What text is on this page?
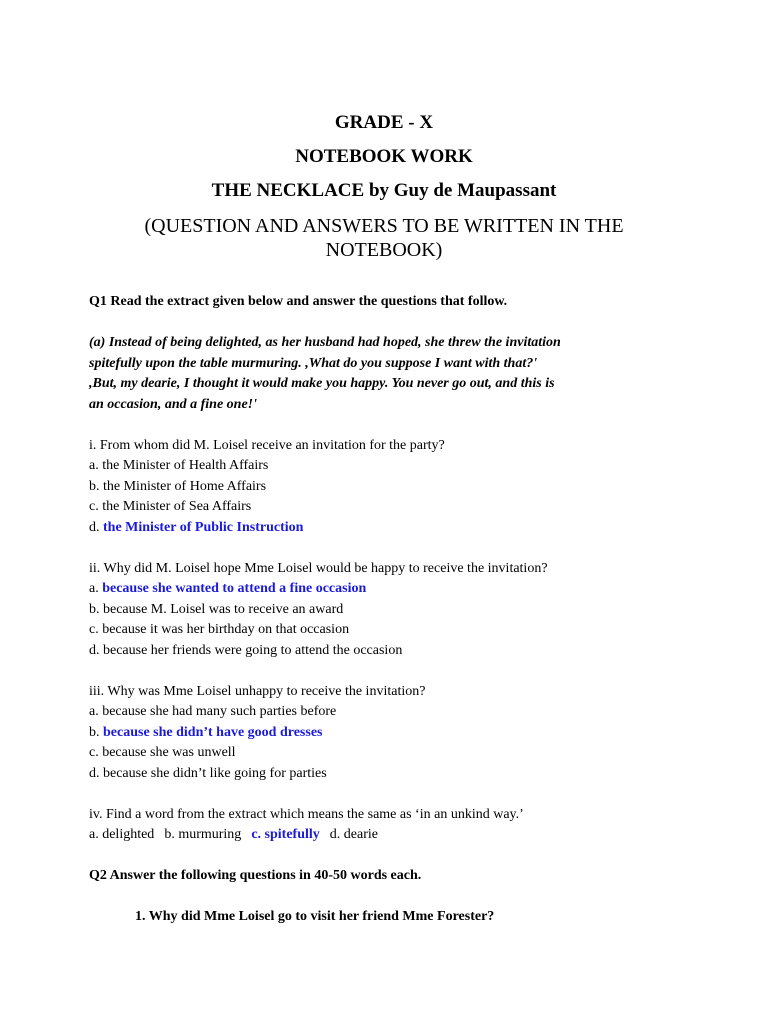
GRADE - X
NOTEBOOK WORK
THE NECKLACE by Guy de Maupassant
(QUESTION AND ANSWERS TO BE WRITTEN IN THE
NOTEBOOK)
Q1 Read the extract given below and answer the questions that follow.
(a) Instead of being delighted, as her husband had hoped, she threw the invitation
spitefully upon the table murmuring. ,What do you suppose I want with that?'
,But, my dearie, I thought it would make you happy. You never go out, and this is
an occasion, and a fine one!'
i. From whom did M. Loisel receive an invitation for the party?
a. the Minister of Health Affairs
b. the Minister of Home Affairs
c. the Minister of Sea Affairs
d. the Minister of Public Instruction
ii. Why did M. Loisel hope Mme Loisel would be happy to receive the invitation?
a. because she wanted to attend a fine occasion
b. because M. Loisel was to receive an award
c. because it was her birthday on that occasion
d. because her friends were going to attend the occasion
iii. Why was Mme Loisel unhappy to receive the invitation?
a. because she had many such parties before
b. because she didn’t have good dresses
c. because she was unwell
d. because she didn’t like going for parties
iv. Find a word from the extract which means the same as ‘in an unkind way.’
a. delighted b. murmuring c. spitefully d. dearie
Q2 Answer the following questions in 40-50 words each.
1. Why did Mme Loisel go to visit her friend Mme Forester?
